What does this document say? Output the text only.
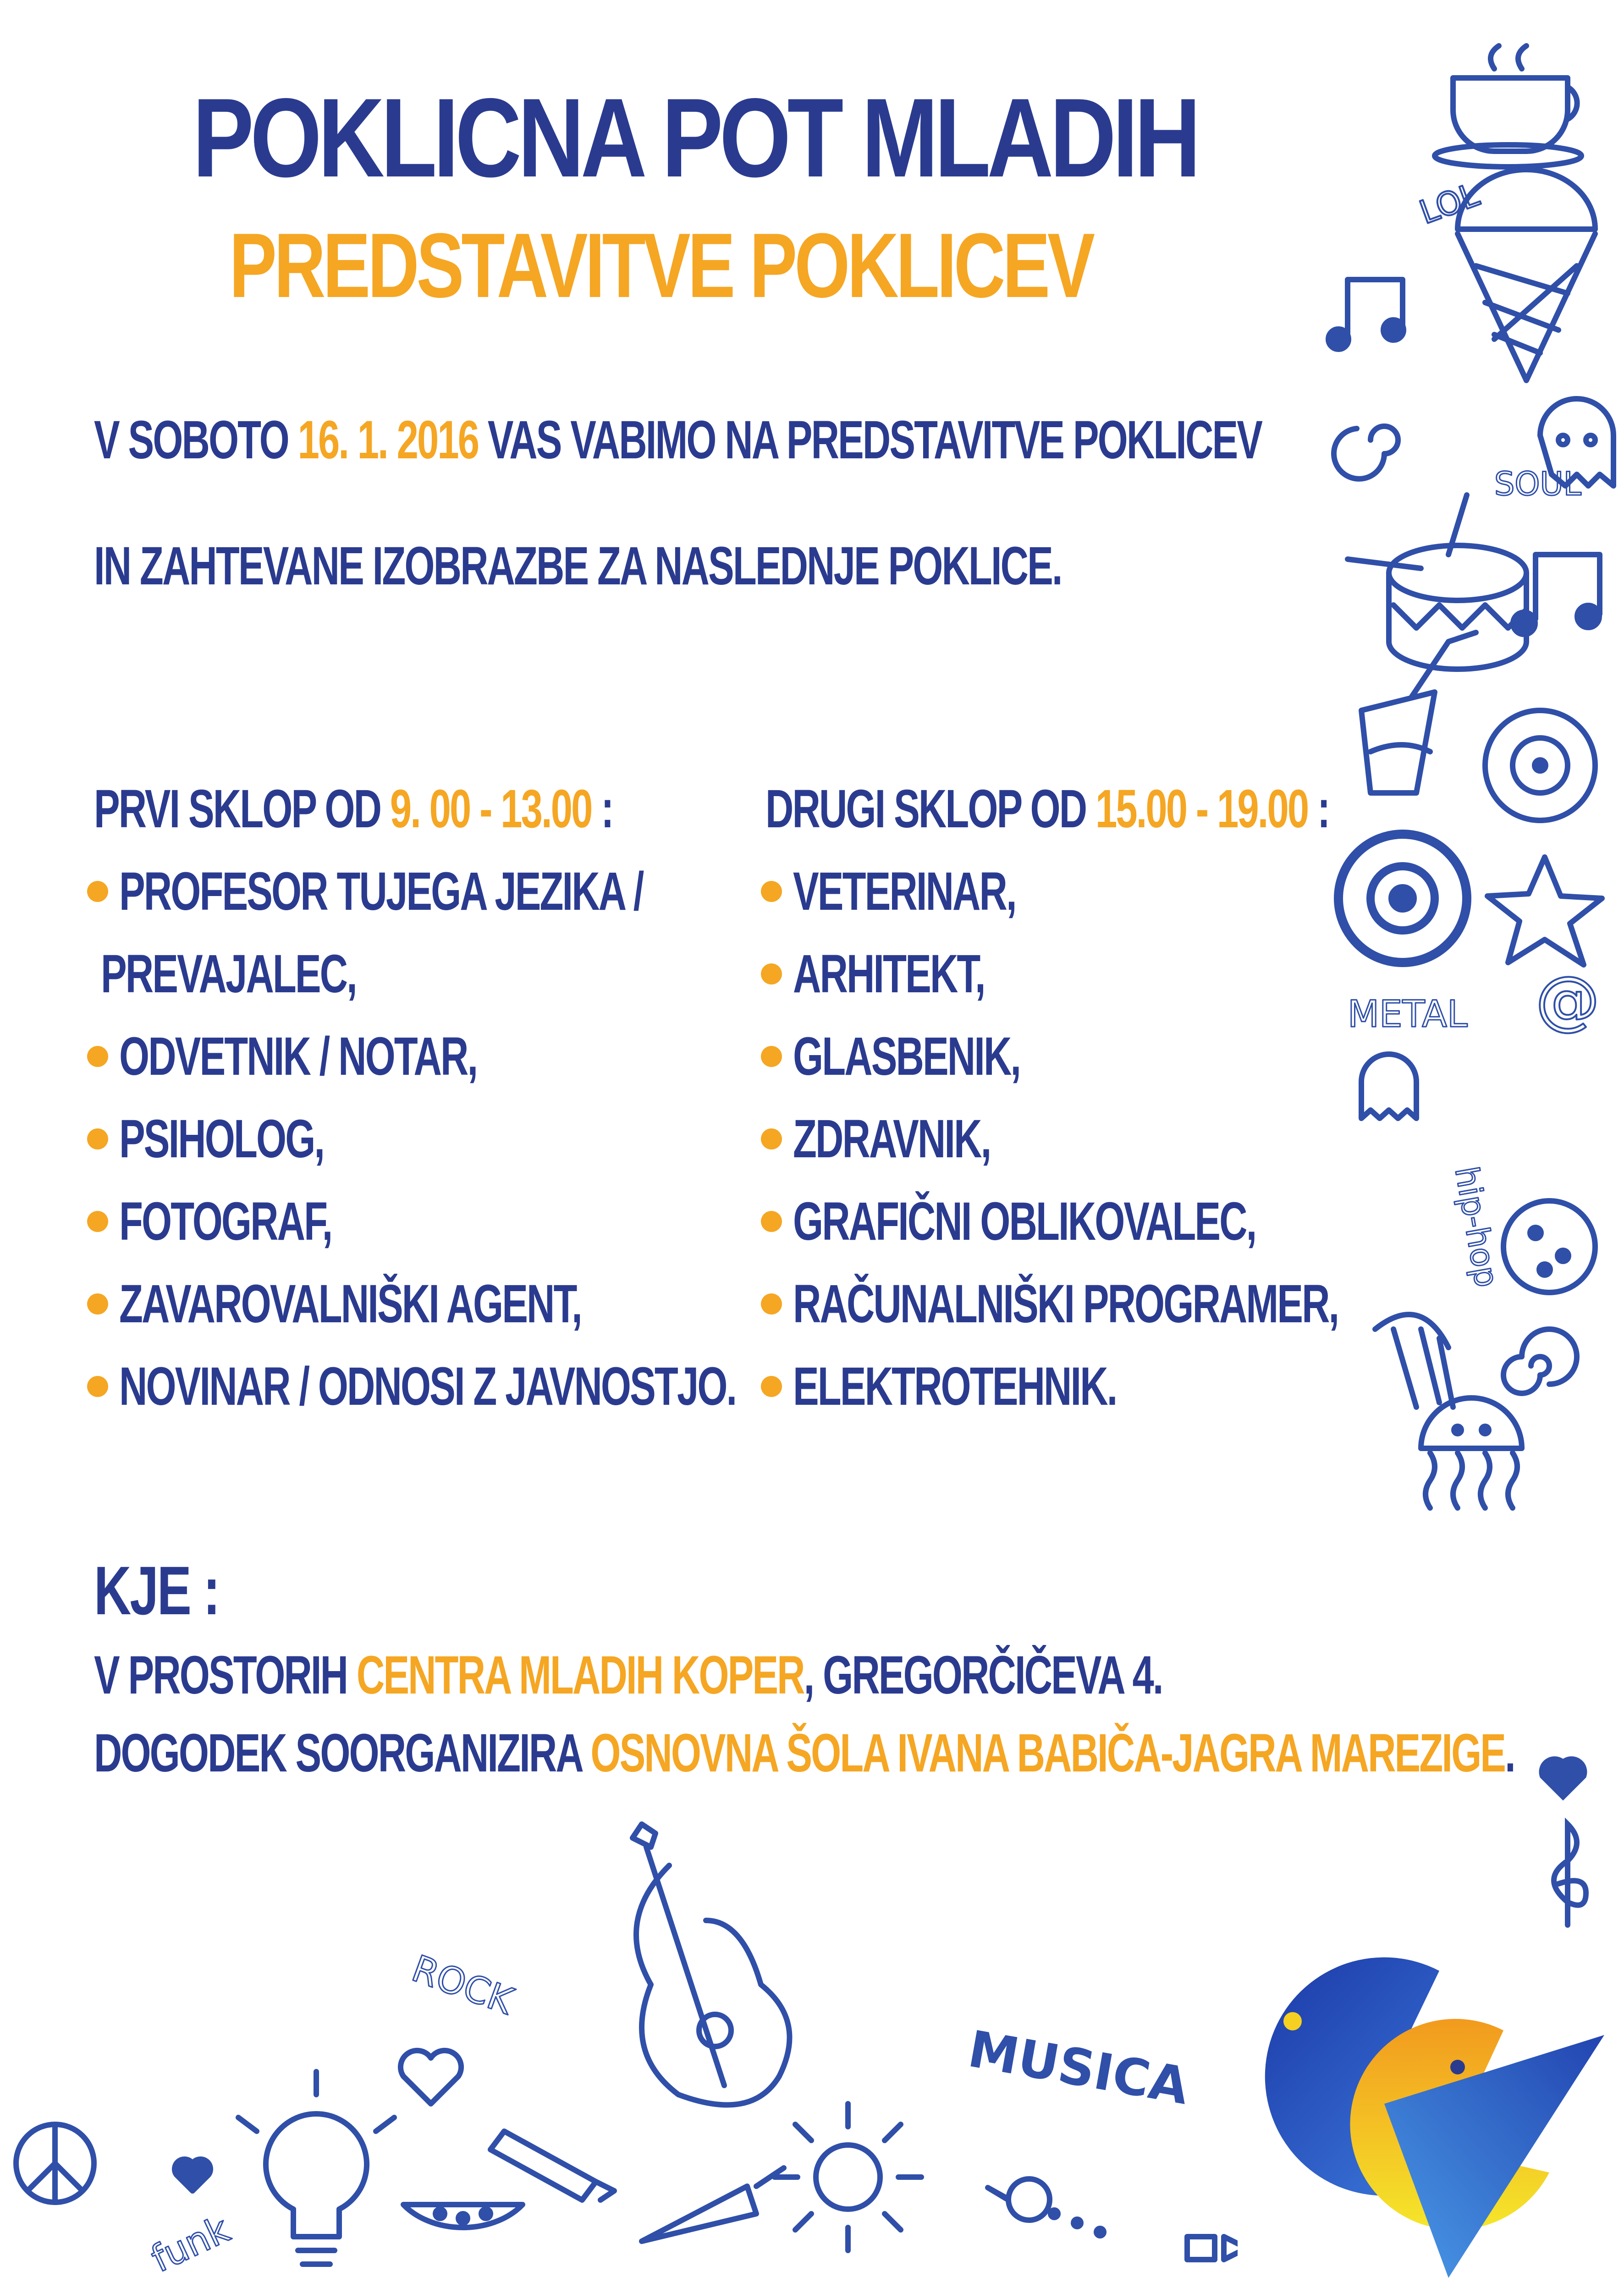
POKLICNA POT MLADIH
PREDSTAVITVE POKLICEV
V SOBOTO 16. 1. 2016 VAS VABIMO NA PREDSTAVITVE POKLICEV
IN ZAHTEVANE IZOBRAZBE ZA NASLEDNJE POKLICE.
PRVI SKLOP OD 9. 00 - 13.00 :	DRUGI SKLOP OD 15.00 - 19.00 :
PROFESOR TUJEGA JEZIKA /
PREVAJALEC,
ODVETNIK / NOTAR,
PSIHOLOG,
FOTOGRAF,
ZAVAROVALNIŠKI AGENT,
NOVINAR / ODNOSI Z JAVNOSTJO.
VETERINAR,
ARHITEKT,
GLASBENIK,
ZDRAVNIK,
GRAFIČNI OBLIKOVALEC,
RAČUNALNIŠKI PROGRAMER,
ELEKTROTEHNIK.
KJE :
V PROSTORIH CENTRA MLADIH KOPER, GREGORČIČEVA 4.
DOGODEK SOORGANIZIRA OSNOVNA ŠOLA IVANA BABIČA-JAGRA MAREZIGE.
LOL
SOUL
METAL @
hip-hop
ROCK
funk
MUSICA
